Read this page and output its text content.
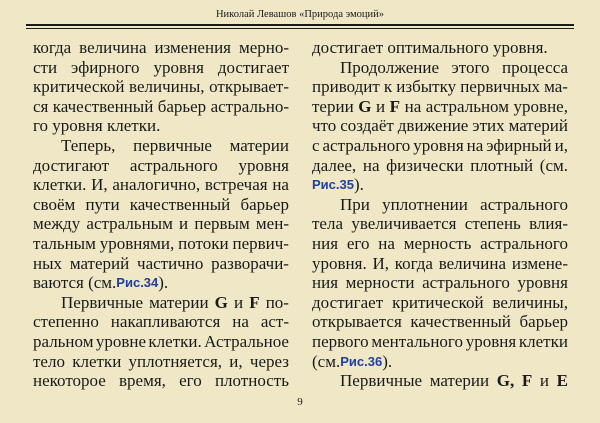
Николай Левашов «Природа эмоций»
когда величина изменения мерно-
сти эфирного уровня достигает
критической величины, открывает-
ся качественный барьер астрально-
го уровня клетки.
Теперь, первичные материи
достигают астрального уровня
клетки. И, аналогично, встречая на
своём пути качественный барьер
между астральным и первым мен-
тальным уровнями, потоки первич-
ных материй частично разворачи-
ваются (см. Рис.34 ).
Первичные материи G и F по-
степенно накапливаются на аст-
ральном уровне клетки. Астральное
тело клетки уплотняется, и, через
некоторое время, его плотность
достигает оптимального уровня.
Продолжение этого процесса
приводит к избытку первичных ма-
терии G и F на астральном уровне,
что создаёт движение этих материй
с астрального уровня на эфирный и,
далее, на физически плотный (см.
Рис.35 ).
При уплотнении астрального
тела увеличивается степень влия-
ния его на мерность астрального
уровня. И, когда величина измене-
ния мерности астрального уровня
достигает критической величины,
открывается качественный барьер
первого ментального уровня клетки
(см. Рис.36 ).
Первичные материи G, F и E
9
